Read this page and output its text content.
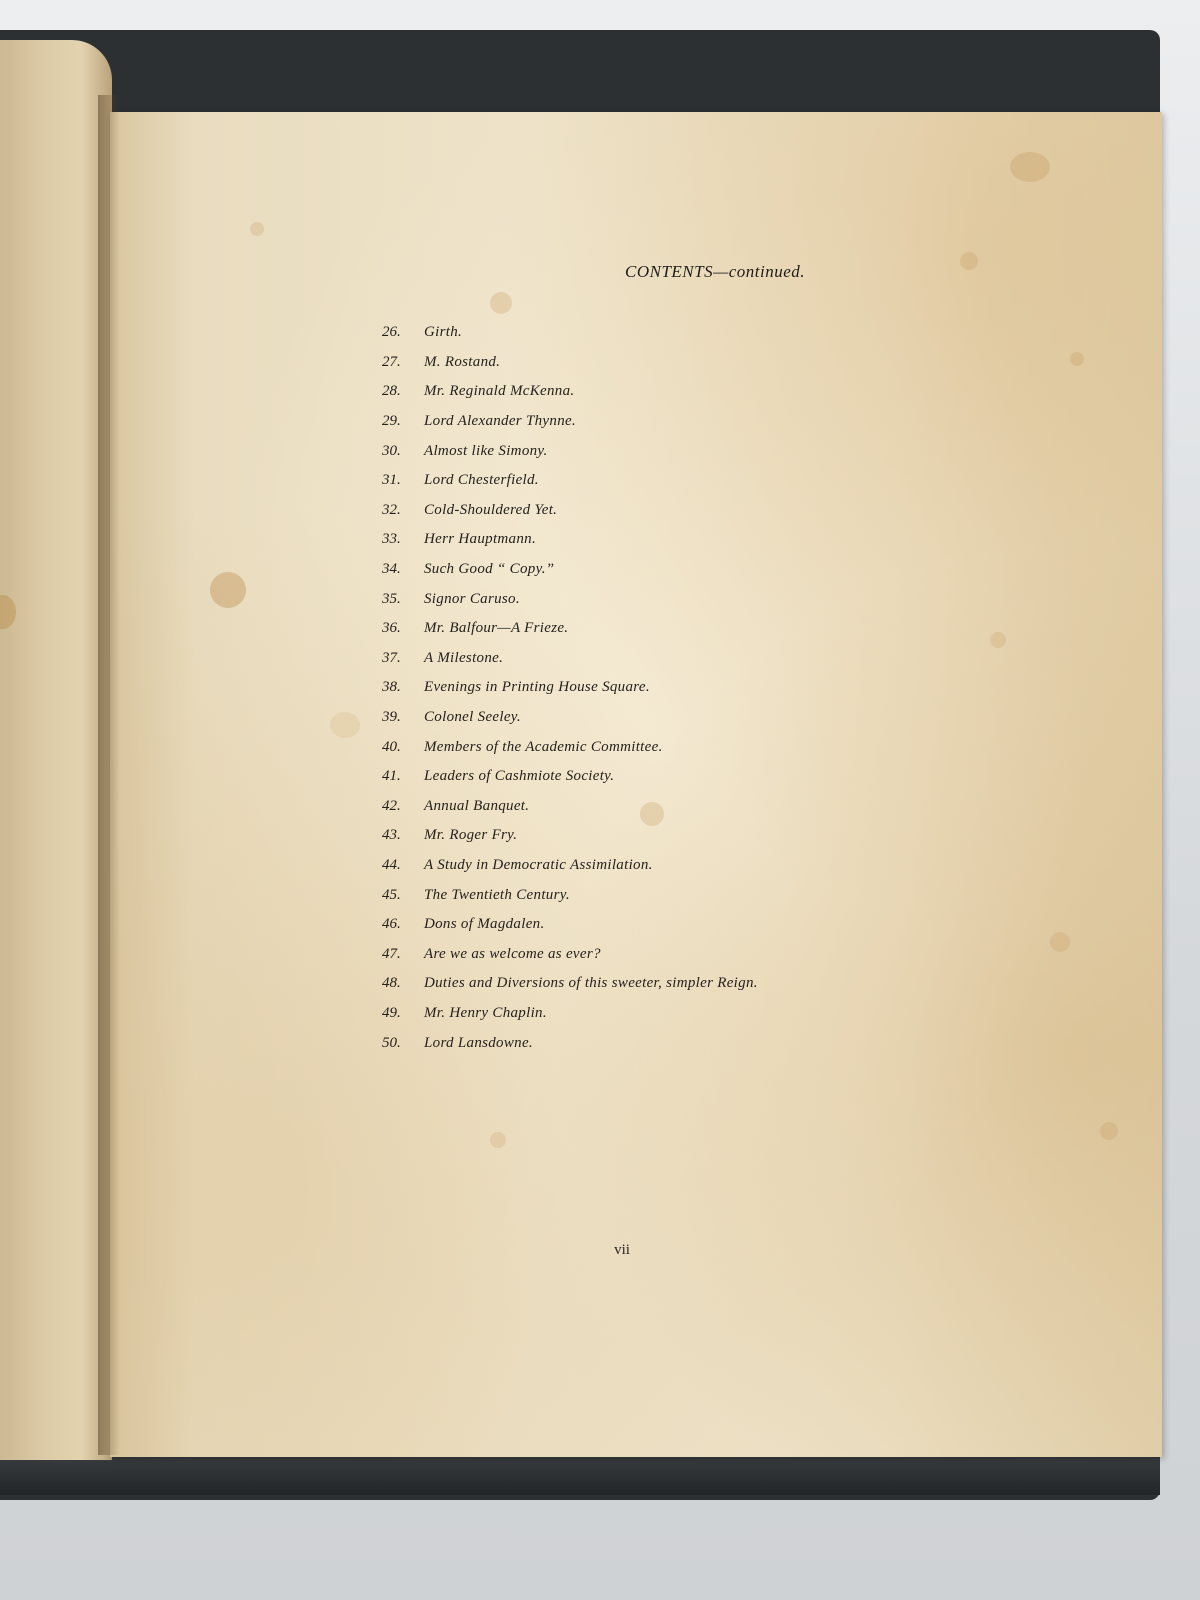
CONTENTS—continued.
26.	Girth.
27.	M. Rostand.
28.	Mr. Reginald McKenna.
29.	Lord Alexander Thynne.
30.	Almost like Simony.
31.	Lord Chesterfield.
32.	Cold-Shouldered Yet.
33.	Herr Hauptmann.
34.	Such Good “ Copy.”
35.	Signor Caruso.
36.	Mr. Balfour—A Frieze.
37.	A Milestone.
38.	Evenings in Printing House Square.
39.	Colonel Seeley.
40.	Members of the Academic Committee.
41.	Leaders of Cashmiote Society.
42.	Annual Banquet.
43.	Mr. Roger Fry.
44.	A Study in Democratic Assimilation.
45.	The Twentieth Century.
46.	Dons of Magdalen.
47.	Are we as welcome as ever?
48.	Duties and Diversions of this sweeter, simpler Reign.
49.	Mr. Henry Chaplin.
50.	Lord Lansdowne.
vii
